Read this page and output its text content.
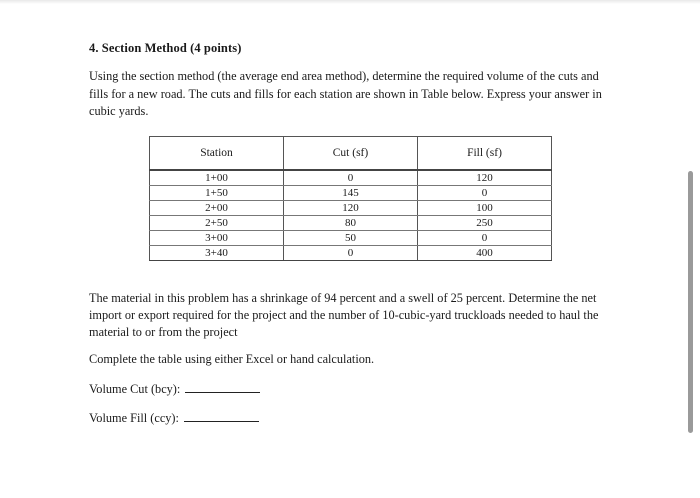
4. Section Method (4 points)
Using the section method (the average end area method), determine the required volume of the cuts and fills for a new road. The cuts and fills for each station are shown in Table below. Express your answer in cubic yards.
Station	Cut (sf)	Fill (sf)
1+00	0	120
1+50	145	0
2+00	120	100
2+50	80	250
3+00	50	0
3+40	0	400
The material in this problem has a shrinkage of 94 percent and a swell of 25 percent. Determine the net import or export required for the project and the number of 10-cubic-yard truckloads needed to haul the material to or from the project
Complete the table using either Excel or hand calculation.
Volume Cut (bcy):
Volume Fill (ccy):
